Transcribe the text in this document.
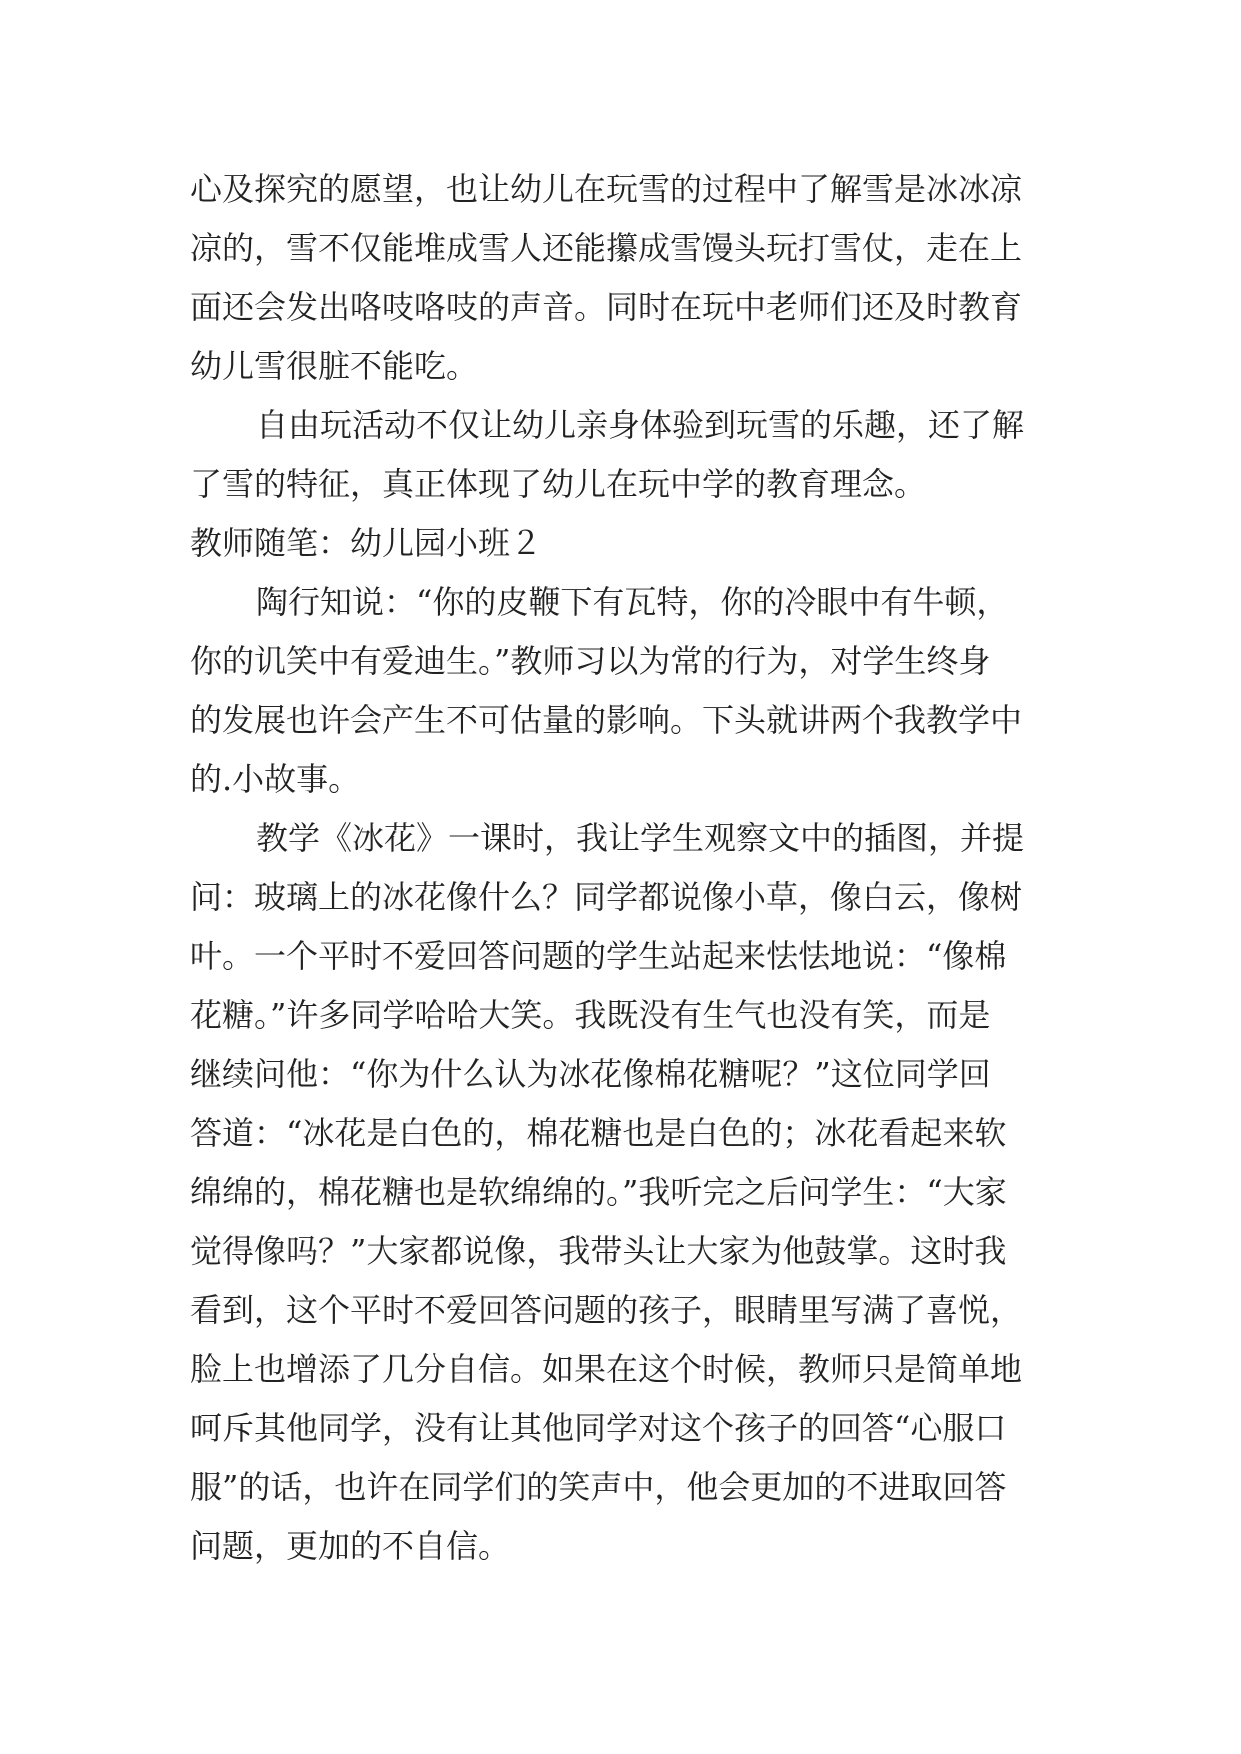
心及探究的愿望，也让幼儿在玩雪的过程中了解雪是冰冰凉
凉的，雪不仅能堆成雪人还能攥成雪馒头玩打雪仗，走在上
面还会发出咯吱咯吱的声音。同时在玩中老师们还及时教育
幼儿雪很脏不能吃。
自由玩活动不仅让幼儿亲身体验到玩雪的乐趣，还了解
了雪的特征，真正体现了幼儿在玩中学的教育理念。
教师随笔：幼儿园小班２
陶行知说：“你的皮鞭下有瓦特，你的冷眼中有牛顿，
你的讥笑中有爱迪生。”教师习以为常的行为，对学生终身
的发展也许会产生不可估量的影响。下头就讲两个我教学中
的.小故事。
教学《冰花》一课时，我让学生观察文中的插图，并提
问：玻璃上的冰花像什么？同学都说像小草，像白云，像树
叶。一个平时不爱回答问题的学生站起来怯怯地说：“像棉
花糖。”许多同学哈哈大笑。我既没有生气也没有笑，而是
继续问他：“你为什么认为冰花像棉花糖呢？”这位同学回
答道：“冰花是白色的，棉花糖也是白色的；冰花看起来软
绵绵的，棉花糖也是软绵绵的。”我听完之后问学生：“大家
觉得像吗？”大家都说像，我带头让大家为他鼓掌。这时我
看到，这个平时不爱回答问题的孩子，眼睛里写满了喜悦，
脸上也增添了几分自信。如果在这个时候，教师只是简单地
呵斥其他同学，没有让其他同学对这个孩子的回答“心服口
服”的话，也许在同学们的笑声中，他会更加的不进取回答
问题，更加的不自信。
